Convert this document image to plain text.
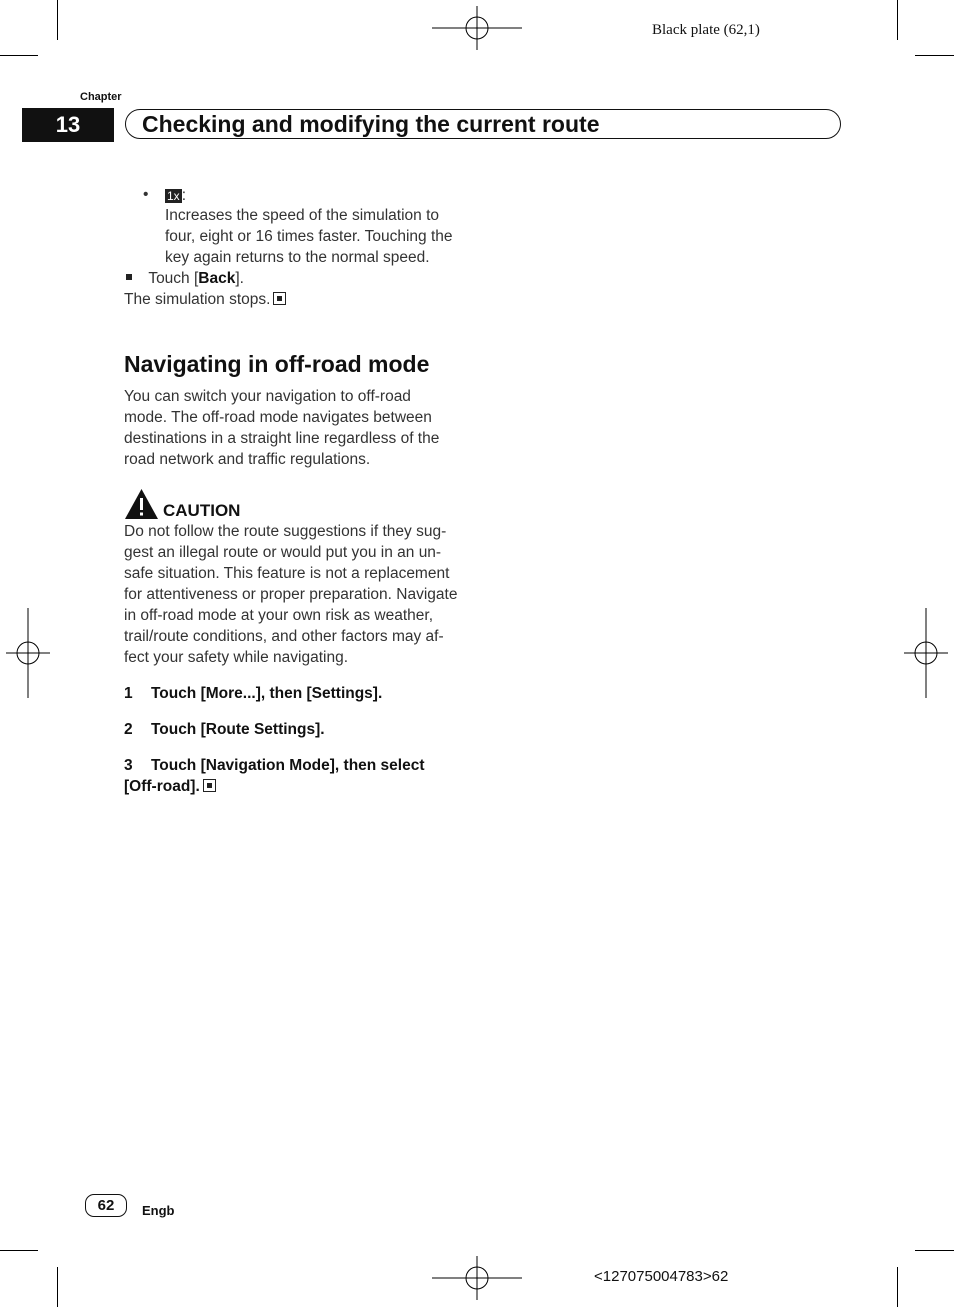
Black plate (62,1)
Chapter
13	Checking and modifying the current route
• 1x :
Increases the speed of the simulation to
four, eight or 16 times faster. Touching the
key again returns to the normal speed.
Touch [Back].
The simulation stops.
Navigating in off-road mode
You can switch your navigation to off-road
mode. The off-road mode navigates between
destinations in a straight line regardless of the
road network and traffic regulations.
CAUTION
Do not follow the route suggestions if they sug-
gest an illegal route or would put you in an un-
safe situation. This feature is not a replacement
for attentiveness or proper preparation. Navigate
in off-road mode at your own risk as weather,
trail/route conditions, and other factors may af-
fect your safety while navigating.
1 Touch [More...], then [Settings].
2 Touch [Route Settings].
3 Touch [Navigation Mode], then select
[Off-road].
62	Engb
<127075004783>62
